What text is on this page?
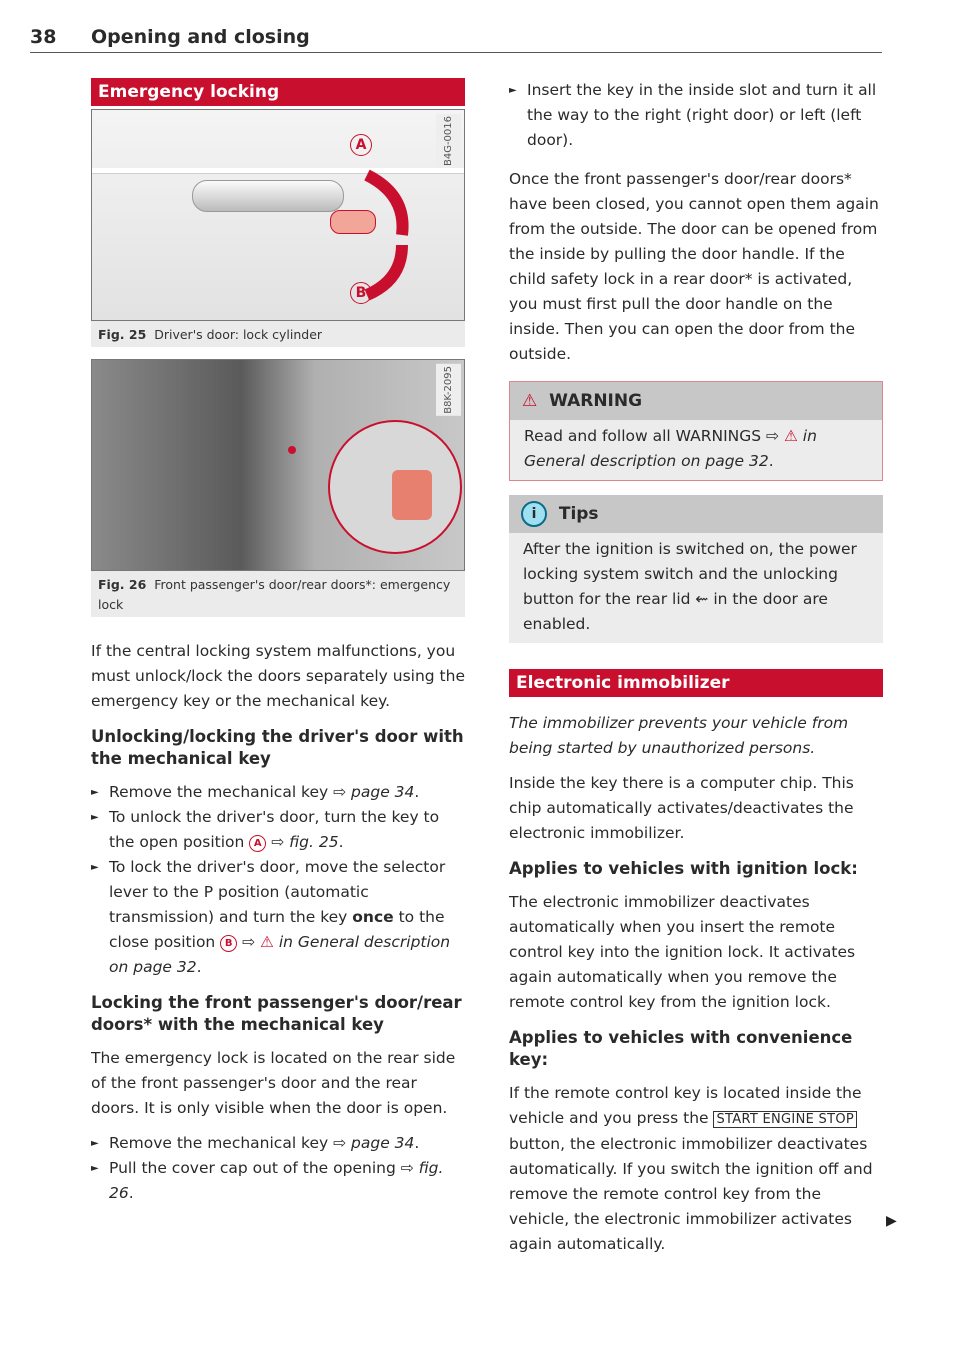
38 Opening and closing
Emergency locking
A
B
B4G-0016
Fig. 25 Driver's door: lock cylinder
B8K-2095
Fig. 26 Front passenger's door/rear doors*: emergency lock

If the central locking system malfunctions, you must unlock/lock the doors separately using the emergency key or the mechanical key.

Unlocking/locking the driver's door with the mechanical key

► Remove the mechanical key ⇨ page 34.

► To unlock the driver's door, turn the key to the open position A ⇨ fig. 25.

► To lock the driver's door, move the selector lever to the P position (automatic transmission) and turn the key once to the close position B ⇨ ⚠ in General description on page 32.

Locking the front passenger's door/rear doors* with the mechanical key

The emergency lock is located on the rear side of the front passenger's door and the rear doors. It is only visible when the door is open.

► Remove the mechanical key ⇨ page 34.

► Pull the cover cap out of the opening ⇨ fig. 26.

► Insert the key in the inside slot and turn it all the way to the right (right door) or left (left door).

Once the front passenger's door/rear doors* have been closed, you cannot open them again from the outside. The door can be opened from the inside by pulling the door handle. If the child safety lock in a rear door* is activated, you must first pull the door handle on the inside. Then you can open the door from the outside.

⚠ WARNING
Read and follow all WARNINGS ⇨ ⚠ in General description on page 32.
i Tips
After the ignition is switched on, the power locking system switch and the unlocking button for the rear lid ⇜ in the door are enabled.
Electronic immobilizer

The immobilizer prevents your vehicle from being started by unauthorized persons.

Inside the key there is a computer chip. This chip automatically activates/deactivates the electronic immobilizer.

Applies to vehicles with ignition lock:

The electronic immobilizer deactivates automatically when you insert the remote control key into the ignition lock. It activates again automatically when you remove the remote control key from the ignition lock.

Applies to vehicles with convenience key:

If the remote control key is located inside the vehicle and you press the START ENGINE STOP button, the electronic immobilizer deactivates automatically. If you switch the ignition off and remove the remote control key from the vehicle, the electronic immobilizer activates again automatically.

▶
